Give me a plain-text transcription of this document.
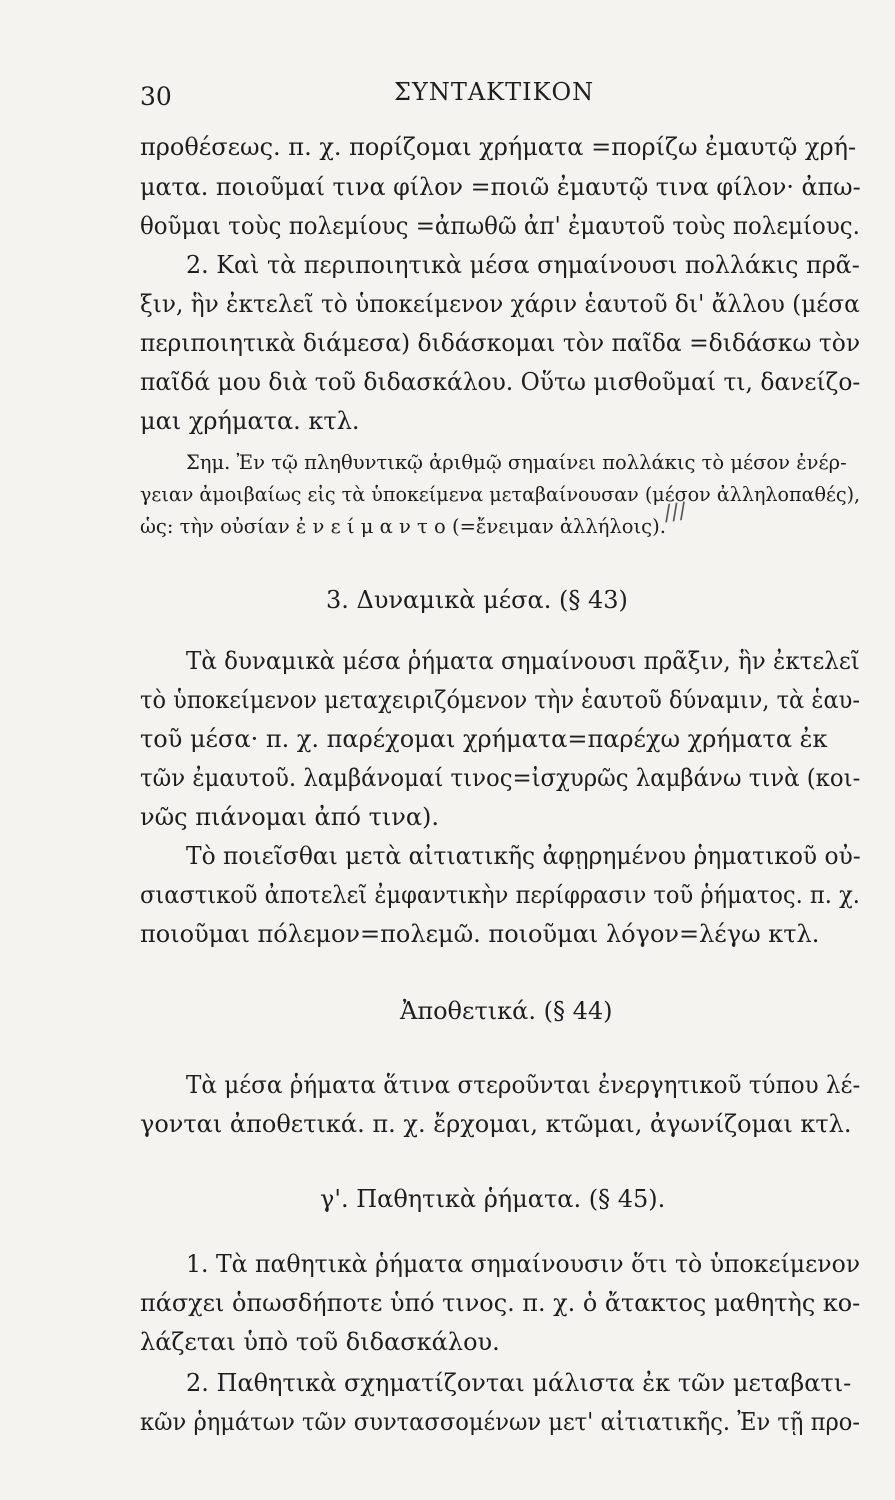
30	ΣΥΝΤΑΚΤΙΚΟΝ
προθέσεως. π. χ. πορίζομαι χρήματα =πορίζω ἐμαυτῷ χρή-
ματα. ποιοῦμαί τινα φίλον =ποιῶ ἐμαυτῷ τινα φίλον· ἀπω-
θοῦμαι τοὺς πολεμίους =ἀπωθῶ ἀπ' ἐμαυτοῦ τοὺς πολεμίους.
2. Καὶ τὰ περιποιητικὰ μέσα σημαίνουσι πολλάκις πρᾶ-
ξιν, ἣν ἐκτελεῖ τὸ ὑποκείμενον χάριν ἑαυτοῦ δι' ἄλλου (μέσα
περιποιητικὰ διάμεσα) διδάσκομαι τὸν παῖδα =διδάσκω τὸν
παῖδά μου διὰ τοῦ διδασκάλου. Οὕτω μισθοῦμαί τι, δανείζο-
μαι χρήματα. κτλ.
Σημ. Ἐν τῷ πληθυντικῷ ἀριθμῷ σημαίνει πολλάκις τὸ μέσον ἐνέρ-
γειαν ἀμοιβαίως εἰς τὰ ὑποκείμενα μεταβαίνουσαν (μέσον ἀλληλοπαθές),
ὡς: τὴν οὐσίαν ἐ ν ε ί μ α ν τ ο (=ἔνειμαν ἀλλήλοις).
///
3. Δυναμικὰ μέσα. (§ 43)
Τὰ δυναμικὰ μέσα ῥήματα σημαίνουσι πρᾶξιν, ἣν ἐκτελεῖ
τὸ ὑποκείμενον μεταχειριζόμενον τὴν ἑαυτοῦ δύναμιν, τὰ ἑαυ-
τοῦ μέσα· π. χ. παρέχομαι χρήματα=παρέχω χρήματα ἐκ
τῶν ἐμαυτοῦ. λαμβάνομαί τινος=ἰσχυρῶς λαμβάνω τινὰ (κοι-
νῶς πιάνομαι ἀπό τινα).
Τὸ ποιεῖσθαι μετὰ αἰτιατικῆς ἀφῃρημένου ῥηματικοῦ οὐ-
σιαστικοῦ ἀποτελεῖ ἐμφαντικὴν περίφρασιν τοῦ ῥήματος. π. χ.
ποιοῦμαι πόλεμον=πολεμῶ. ποιοῦμαι λόγον=λέγω κτλ.
Ἀποθετικά. (§ 44)
Τὰ μέσα ῥήματα ἅτινα στεροῦνται ἐνεργητικοῦ τύπου λέ-
γονται ἀποθετικά. π. χ. ἔρχομαι, κτῶμαι, ἀγωνίζομαι κτλ.
γ'. Παθητικὰ ῥήματα. (§ 45).
1. Τὰ παθητικὰ ῥήματα σημαίνουσιν ὅτι τὸ ὑποκείμενον
πάσχει ὁπωσδήποτε ὑπό τινος. π. χ. ὁ ἄτακτος μαθητὴς κο-
λάζεται ὑπὸ τοῦ διδασκάλου.
2. Παθητικὰ σχηματίζονται μάλιστα ἐκ τῶν μεταβατι-
κῶν ῥημάτων τῶν συντασσομένων μετ' αἰτιατικῆς. Ἐν τῇ προ-
